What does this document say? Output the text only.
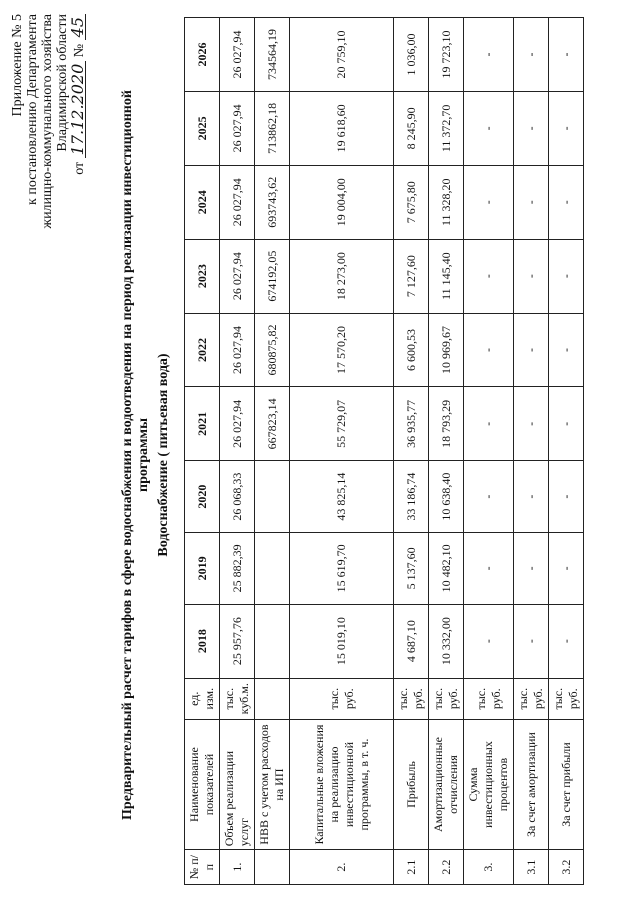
Приложение № 5 к постановлению Департамента жилищно-коммунального хозяйства Владимирской области
от 17.12.2020 № 45
Предварительный расчет тарифов в сфере водоснабжения и водоотведения на период реализации инвестиционной программы Водоснабжение ( питьевая вода)
№ п/п	Наименование показателей	ед. изм.	2018	2019	2020	2021	2022	2023	2024	2025	2026
1.	Объем реализации услуг	тыс. куб.м.	25 957,76	25 882,39	26 068,33	26 027,94	26 027,94	26 027,94	26 027,94	26 027,94	26 027,94
	НВВ с учетом расходов на ИП					667823,14	680875,82	674192,05	693743,62	713862,18	734564,19
2.	Капитальные вложения на реализацию инвестиционной программы, в т. ч.	тыс. руб.	15 019,10	15 619,70	43 825,14	55 729,07	17 570,20	18 273,00	19 004,00	19 618,60	20 759,10
2.1	Прибыль	тыс. руб.	4 687,10	5 137,60	33 186,74	36 935,77	6 600,53	7 127,60	7 675,80	8 245,90	1 036,00
2.2	Амортизационные отчисления	тыс. руб.	10 332,00	10 482,10	10 638,40	18 793,29	10 969,67	11 145,40	11 328,20	11 372,70	19 723,10
3.	Сумма инвестиционных процентов	тыс. руб.	-	-	-	-	-	-	-	-	-
3.1	За счет амортизации	тыс. руб.	-	-	-	-	-	-	-	-	-
3.2	За счет прибыли	тыс. руб.	-	-	-	-	-	-	-	-	-
